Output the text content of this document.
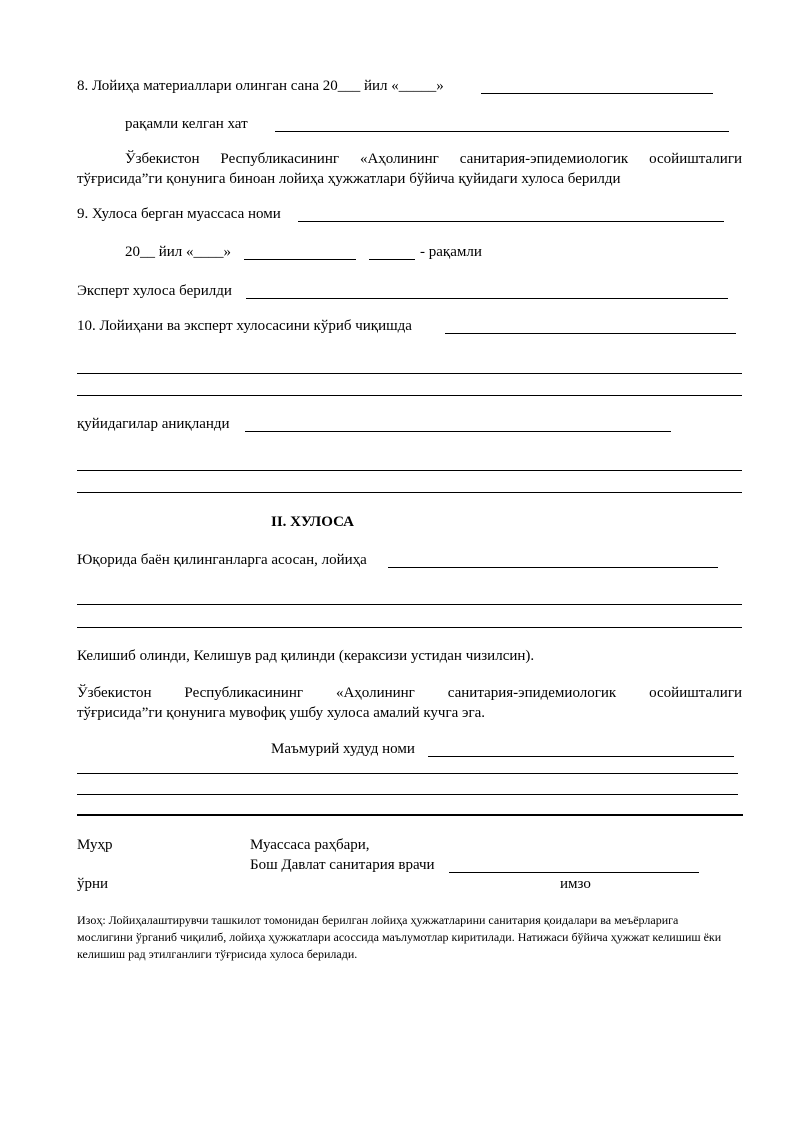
8. Лойиҳа материаллари олинган сана 20___ йил «_____»
рақамли келган хат
Ўзбекистон Республикасининг «Аҳолининг санитария-эпидемиологик осойишталиги
тўғрисида”ги қонунига биноан лойиҳа ҳужжатлари бўйича қуйидаги хулоса берилди
9. Хулоса берган муассаса номи
20__ йил «____»	- рақамли
Эксперт хулоса берилди
10. Лойиҳани ва эксперт хулосасини кўриб чиқишда
қуйидагилар аниқланди
II. ХУЛОСА
Юқорида баён қилинганларга асосан, лойиҳа
Келишиб олинди, Келишув рад қилинди (кераксизи устидан чизилсин).
Ўзбекистон Республикасининг «Аҳолининг санитария-эпидемиологик осойишталиги
тўғрисида”ги қонунига мувофиқ ушбу хулоса амалий кучга эга.
Маъмурий худуд номи
Муҳр	Муассаса раҳбари,
Бош Давлат санитария врачи
ўрни	имзо
Изоҳ: Лойиҳалаштирувчи ташкилот томонидан берилган лойиҳа ҳужжатларини санитария қоидалари ва меъёрларига мослигини ўрганиб чиқилиб, лойиҳа ҳужжатлари асоссида маълумотлар киритилади. Натижаси бўйича ҳужжат келишиш ёки келишиш рад этилганлиги тўғрисида хулоса берилади.
